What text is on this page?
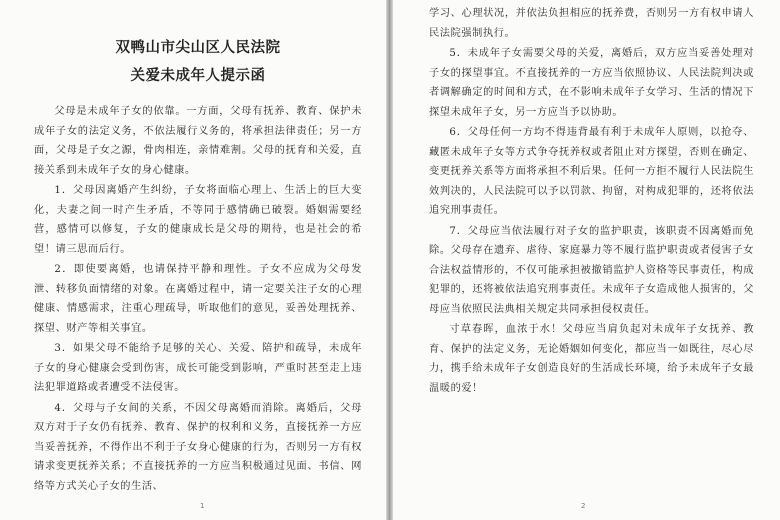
双鸭山市尖山区人民法院
关爱未成年人提示函

父母是未成年子女的依靠。一方面，父母有抚养、教育、保护未成年子女的法定义务，不依法履行义务的，将承担法律责任；另一方面，父母是子女之源，骨肉相连，亲情难割。父母的抚育和关爱，直接关系到未成年子女的身心健康。

1．父母因离婚产生纠纷，子女将面临心理上、生活上的巨大变化，夫妻之间一时产生矛盾，不等同于感情确已破裂。婚姻需要经营，感情可以修复，子女的健康成长是父母的期待，也是社会的希望！请三思而后行。

2．即使要离婚，也请保持平静和理性。子女不应成为父母发泄、转移负面情绪的对象。在离婚过程中，请一定要关注子女的心理健康、情感需求，注重心理疏导，听取他们的意见，妥善处理抚养、探望、财产等相关事宜。

3．如果父母不能给予足够的关心、关爱、陪护和疏导，未成年子女的身心健康会受到伤害，成长可能受到影响，严重时甚至走上违法犯罪道路或者遭受不法侵害。

4．父母与子女间的关系，不因父母离婚而消除。离婚后，父母双方对于子女仍有抚养、教育、保护的权利和义务，直接抚养一方应当妥善抚养，不得作出不利于子女身心健康的行为，否则另一方有权请求变更抚养关系；不直接抚养的一方应当积极通过见面、书信、网络等方式关心子女的生活、

1

学习、心理状况，并依法负担相应的抚养费，否则另一方有权申请人民法院强制执行。

5．未成年子女需要父母的关爱，离婚后，双方应当妥善处理对子女的探望事宜。不直接抚养的一方应当依照协议、人民法院判决或者调解确定的时间和方式，在不影响未成年子女学习、生活的情况下探望未成年子女，另一方应当予以协助。

6．父母任何一方均不得违背最有利于未成年人原则，以抢夺、藏匿未成年子女等方式争夺抚养权或者阻止对方探望，否则在确定、变更抚养关系等方面将承担不利后果。任何一方拒不履行人民法院生效判决的，人民法院可以予以罚款、拘留，对构成犯罪的，还将依法追究刑事责任。

7．父母应当依法履行对子女的监护职责，该职责不因离婚而免除。父母存在遗弃、虐待、家庭暴力等不履行监护职责或者侵害子女合法权益情形的，不仅可能承担被撤销监护人资格等民事责任，构成犯罪的，还将被依法追究刑事责任。未成年子女造成他人损害的，父母应当依照民法典相关规定共同承担侵权责任。

寸草春晖，血浓于水！父母应当肩负起对未成年子女抚养、教育、保护的法定义务，无论婚姻如何变化，都应当一如既往，尽心尽力，携手给未成年子女创造良好的生活成长环境，给予未成年子女最温暖的爱！

2
